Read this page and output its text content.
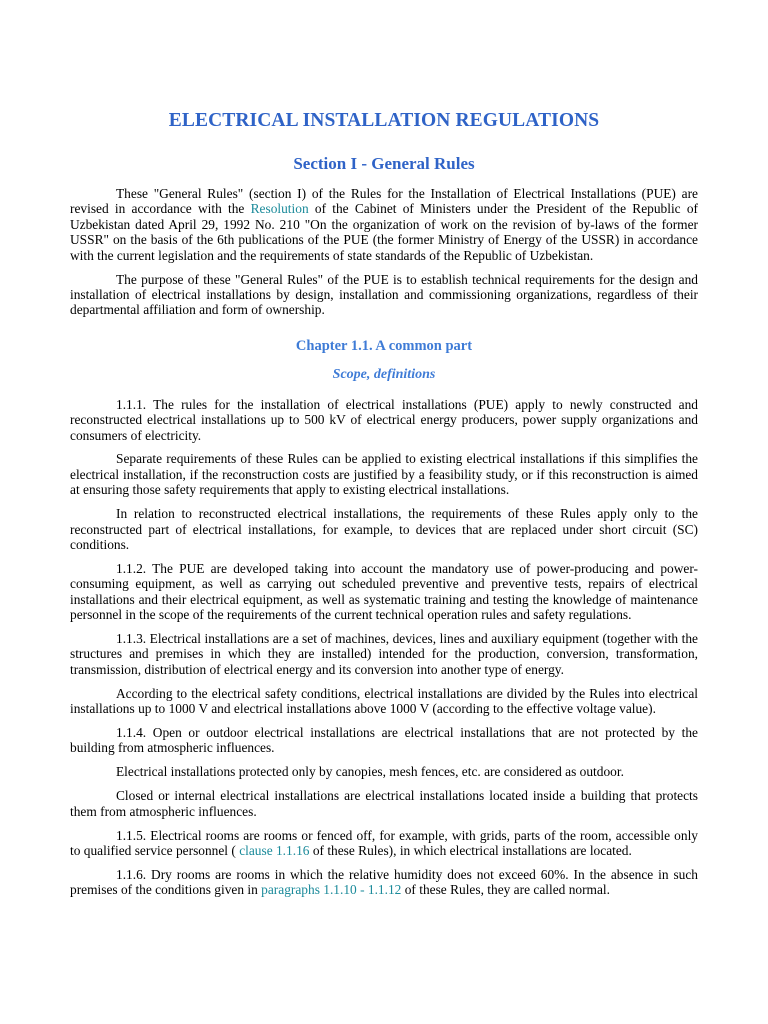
ELECTRICAL INSTALLATION REGULATIONS
Section I - General Rules

These "General Rules" (section I) of the Rules for the Installation of Electrical Installations (PUE) are revised in accordance with the Resolution of the Cabinet of Ministers under the President of the Republic of Uzbekistan dated April 29, 1992 No. 210 "On the organization of work on the revision of by-laws of the former USSR" on the basis of the 6th publications of the PUE (the former Ministry of Energy of the USSR) in accordance with the current legislation and the requirements of state standards of the Republic of Uzbekistan.

The purpose of these "General Rules" of the PUE is to establish technical requirements for the design and installation of electrical installations by design, installation and commissioning organizations, regardless of their departmental affiliation and form of ownership.

Chapter 1.1. A common part
Scope, definitions

1.1.1. The rules for the installation of electrical installations (PUE) apply to newly constructed and reconstructed electrical installations up to 500 kV of electrical energy producers, power supply organizations and consumers of electricity.

Separate requirements of these Rules can be applied to existing electrical installations if this simplifies the electrical installation, if the reconstruction costs are justified by a feasibility study, or if this reconstruction is aimed at ensuring those safety requirements that apply to existing electrical installations.

In relation to reconstructed electrical installations, the requirements of these Rules apply only to the reconstructed part of electrical installations, for example, to devices that are replaced under short circuit (SC) conditions.

1.1.2. The PUE are developed taking into account the mandatory use of power-producing and power-consuming equipment, as well as carrying out scheduled preventive and preventive tests, repairs of electrical installations and their electrical equipment, as well as systematic training and testing the knowledge of maintenance personnel in the scope of the requirements of the current technical operation rules and safety regulations.

1.1.3. Electrical installations are a set of machines, devices, lines and auxiliary equipment (together with the structures and premises in which they are installed) intended for the production, conversion, transformation, transmission, distribution of electrical energy and its conversion into another type of energy.

According to the electrical safety conditions, electrical installations are divided by the Rules into electrical installations up to 1000 V and electrical installations above 1000 V (according to the effective voltage value).

1.1.4. Open or outdoor electrical installations are electrical installations that are not protected by the building from atmospheric influences.

Electrical installations protected only by canopies, mesh fences, etc. are considered as outdoor.

Closed or internal electrical installations are electrical installations located inside a building that protects them from atmospheric influences.

1.1.5. Electrical rooms are rooms or fenced off, for example, with grids, parts of the room, accessible only to qualified service personnel ( clause 1.1.16 of these Rules), in which electrical installations are located.

1.1.6. Dry rooms are rooms in which the relative humidity does not exceed 60%. In the absence in such premises of the conditions given in paragraphs 1.1.10 - 1.1.12 of these Rules, they are called normal.
